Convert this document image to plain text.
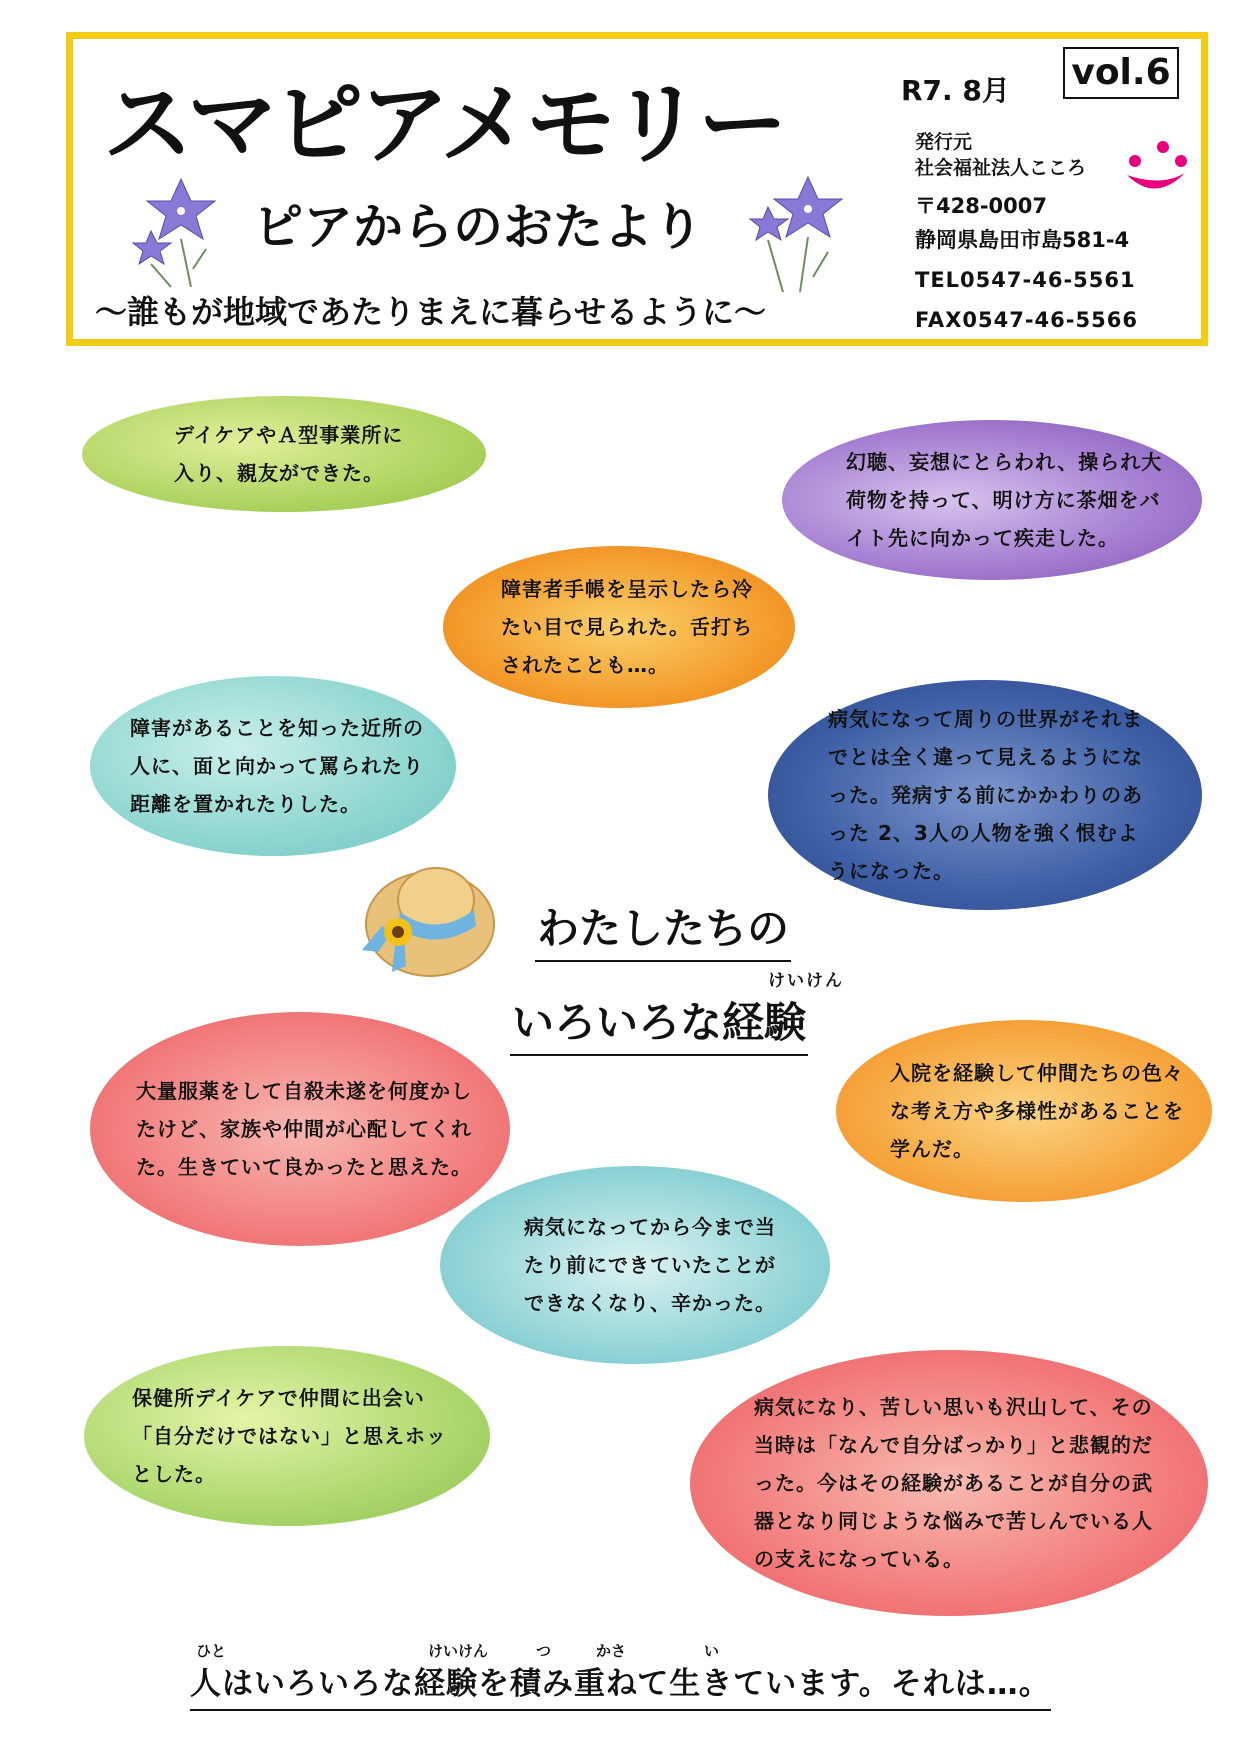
スマピアメモリー
ピアからのおたより
～誰もが地域であたりまえに暮らせるように～
R7. 8月 vol.6
発行元
社会福祉法人こころ
〒428-0007
静岡県島田市島581-4
TEL0547-46-5561
FAX0547-46-5566
デイケアやＡ型事業所に入り、親友ができた。	幻聴、妄想にとらわれ、操られ大荷物を持って、明け方に茶畑をバイト先に向かって疾走した。
障害者手帳を呈示したら冷たい目で見られた。舌打ちされたことも…。
障害があることを知った近所の人に、面と向かって罵られたり距離を置かれたりした。
病気になって周りの世界がそれまでとは全く違って見えるようになった。発病する前にかかわりのあった 2、3人の人物を強く恨むようになった。
大量服薬をして自殺未遂を何度かしたけど、家族や仲間が心配してくれた。生きていて良かったと思えた。
入院を経験して仲間たちの色々な考え方や多様性があることを学んだ。
病気になってから今まで当たり前にできていたことができなくなり、辛かった。
保健所デイケアで仲間に出会い「自分だけではない」と思えホッとした。
病気になり、苦しい思いも沢山して、その当時は「なんで自分ばっかり」と悲観的だった。今はその経験があることが自分の武器となり同じような悩みで苦しんでいる人の支えになっている。
わたしたちの
けいけん
いろいろな経験
ひと	けいけん	つ	かさ	い
人はいろいろな経験を積み重ねて生きています。それは…。
